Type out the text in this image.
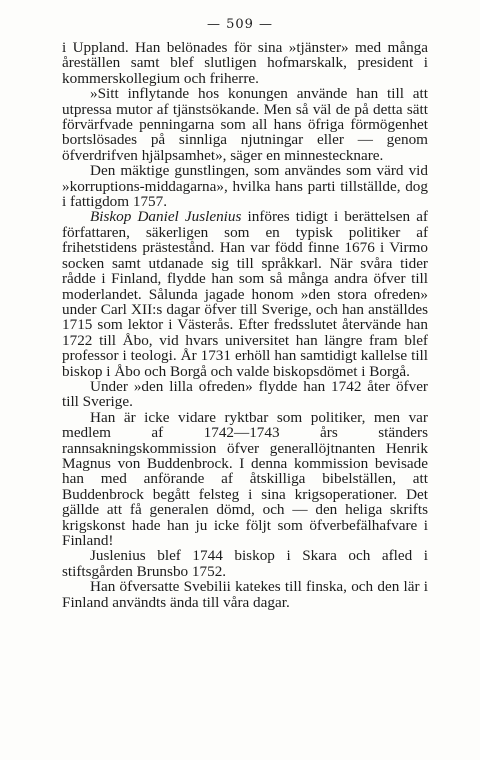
— 509 —

i Uppland. Han belönades för sina »tjänster» med många åreställen samt blef slutligen hofmarskalk, president i kommerskollegium och friherre.

»Sitt inflytande hos konungen använde han till att utpressa mutor af tjänstsökande. Men så väl de på detta sätt förvärfvade penningarna som all hans öfriga förmögenhet bortslösades på sinnliga njutningar eller — genom öfverdrifven hjälpsamhet», säger en minnestecknare.

Den mäktige gunstlingen, som användes som värd vid »korruptions-middagarna», hvilka hans parti tillställde, dog i fattigdom 1757.

Biskop Daniel Juslenius införes tidigt i berättelsen af författaren, säkerligen som en typisk politiker af frihetstidens prästestånd. Han var född finne 1676 i Virmo socken samt utdanade sig till språkkarl. När svåra tider rådde i Finland, flydde han som så många andra öfver till moderlandet. Sålunda jagade honom »den stora ofreden» under Carl XII:s dagar öfver till Sverige, och han anställdes 1715 som lektor i Västerås. Efter fredsslutet återvände han 1722 till Åbo, vid hvars universitet han längre fram blef professor i teologi. År 1731 erhöll han samtidigt kallelse till biskop i Åbo och Borgå och valde biskopsdömet i Borgå.

Under »den lilla ofreden» flydde han 1742 åter öfver till Sverige.

Han är icke vidare ryktbar som politiker, men var medlem af 1742—1743 års ständers rannsakningskommission öfver generallöjtnanten Henrik Magnus von Buddenbrock. I denna kommission bevisade han med anförande af åtskilliga bibelställen, att Buddenbrock begått felsteg i sina krigsoperationer. Det gällde att få generalen dömd, och — den heliga skrifts krigskonst hade han ju icke följt som öfverbefälhafvare i Finland!

Juslenius blef 1744 biskop i Skara och afled i stiftsgården Brunsbo 1752.

Han öfversatte Svebilii katekes till finska, och den lär i Finland användts ända till våra dagar.
